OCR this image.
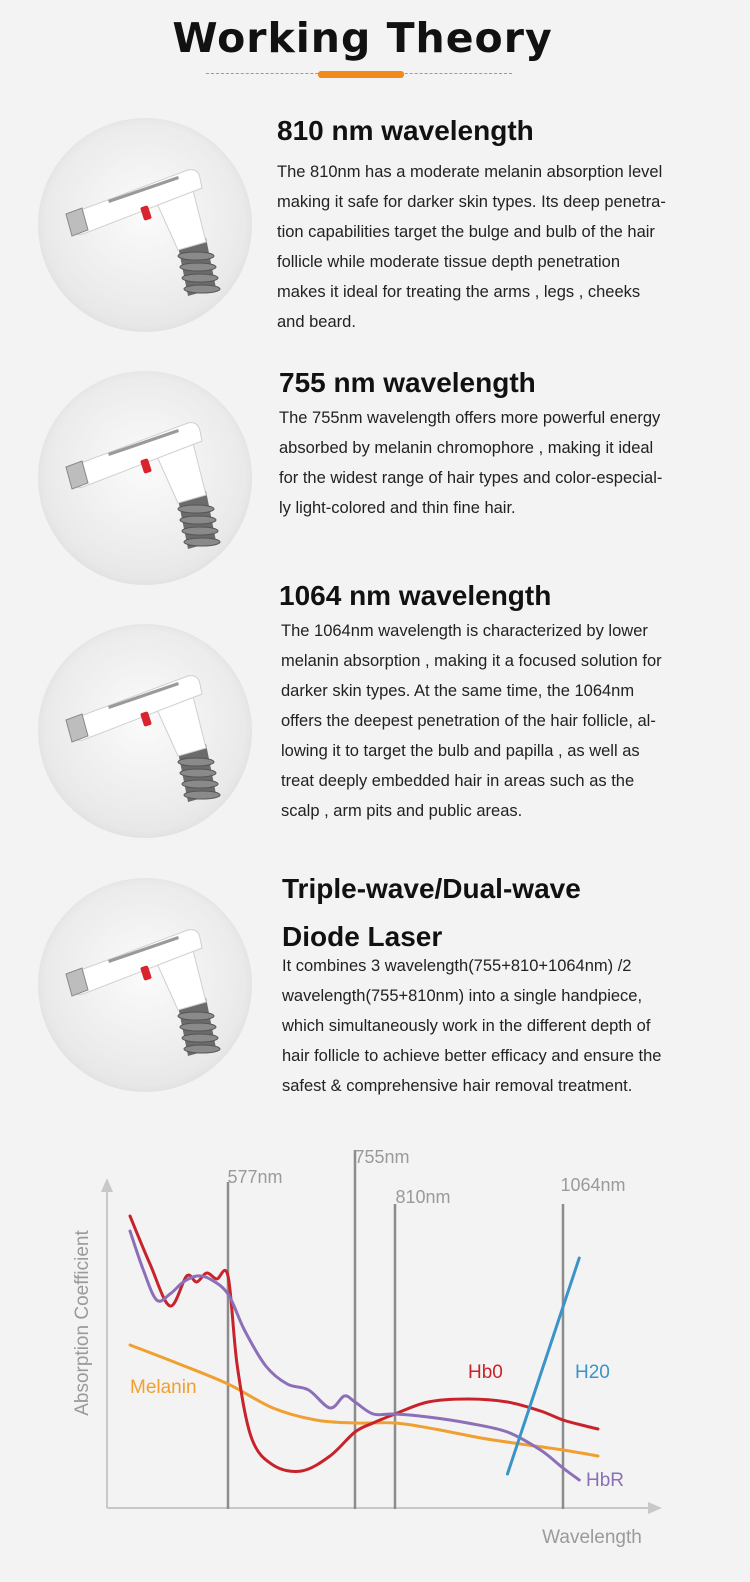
Working Theory
810 nm wavelength
The 810nm has a moderate melanin absorption level
making it safe for darker skin types. Its deep penetra-
tion capabilities target the bulge and bulb of the hair
follicle while moderate tissue depth penetration
makes it ideal for treating the arms , legs , cheeks
and beard.
755 nm wavelength
The 755nm wavelength offers more powerful energy
absorbed by melanin chromophore , making it ideal
for the widest range of hair types and color-especial-
ly light-colored and thin fine hair.
1064 nm wavelength
The 1064nm wavelength is characterized by lower
melanin absorption , making it a focused solution for
darker skin types. At the same time, the 1064nm
offers the deepest penetration of the hair follicle, al-
lowing it to target the bulb and papilla , as well as
treat deeply embedded hair in areas such as the
scalp , arm pits and public areas.
Triple-wave/Dual-wave
Diode Laser
It combines 3 wavelength(755+810+1064nm) /2
wavelength(755+810nm) into a single handpiece,
which simultaneously work in the different depth of
hair follicle to achieve better efficacy and ensure the
safest & comprehensive hair removal treatment.
Absorption Coefficient
Wavelength
577nm
755nm
810nm
1064nm
Melanin
Hb0
HbR
H20
